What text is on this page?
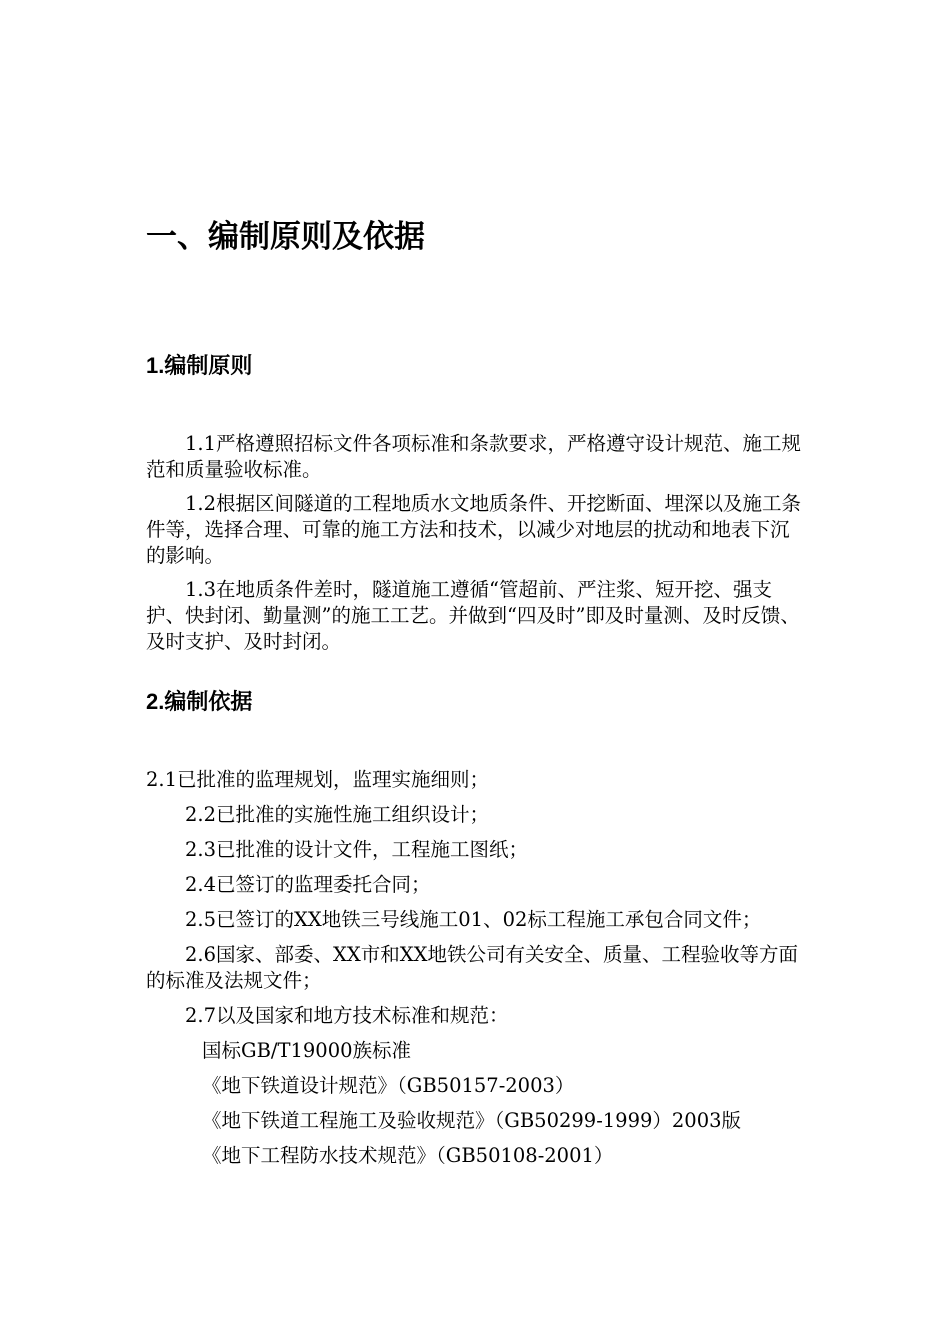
一、编制原则及依据
1.编制原则

1.1严格遵照招标文件各项标准和条款要求，严格遵守设计规范、施工规范和质量验收标准。

1.2根据区间隧道的工程地质水文地质条件、开挖断面、埋深以及施工条件等，选择合理、可靠的施工方法和技术，以减少对地层的扰动和地表下沉的影响。

1.3在地质条件差时，隧道施工遵循“管超前、严注浆、短开挖、强支护、快封闭、勤量测”的施工工艺。并做到“四及时”即及时量测、及时反馈、及时支护、及时封闭。

2.编制依据

2.1已批准的监理规划，监理实施细则；

2.2已批准的实施性施工组织设计；

2.3已批准的设计文件，工程施工图纸；

2.4已签订的监理委托合同；

2.5已签订的XX地铁三号线施工01、02标工程施工承包合同文件；

2.6国家、部委、XX市和XX地铁公司有关安全、质量、工程验收等方面的标准及法规文件；

2.7以及国家和地方技术标准和规范：

国标GB/T19000族标准

《地下铁道设计规范》（GB50157-2003）

《地下铁道工程施工及验收规范》（GB50299-1999）2003版

《地下工程防水技术规范》（GB50108-2001）
